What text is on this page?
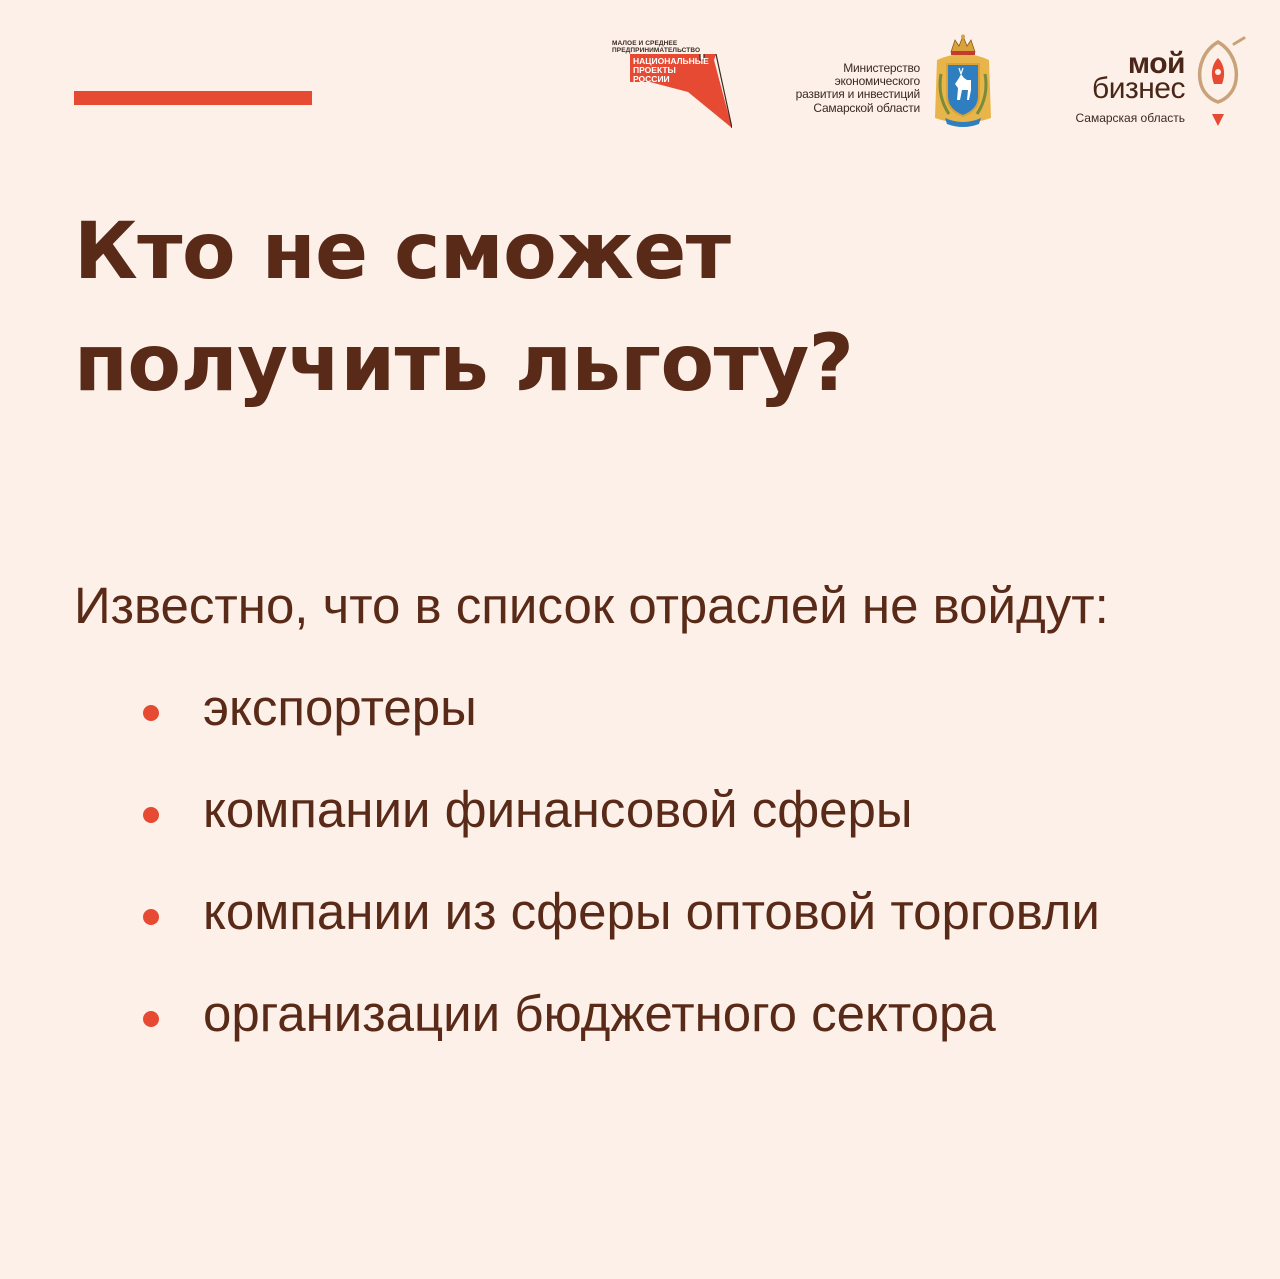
МАЛОЕ И СРЕДНЕЕ
ПРЕДПРИНИМАТЕЛЬСТВО
НАЦИОНАЛЬНЫЕ
ПРОЕКТЫ
РОССИИ
Министерство
экономического
развития и инвестиций
Самарской области
мой
бизнес
Самарская область
Кто не сможет
получить льготу?
Известно, что в список отраслей не войдут:
экспортеры
компании финансовой сферы
компании из сферы оптовой торговли
организации бюджетного сектора
